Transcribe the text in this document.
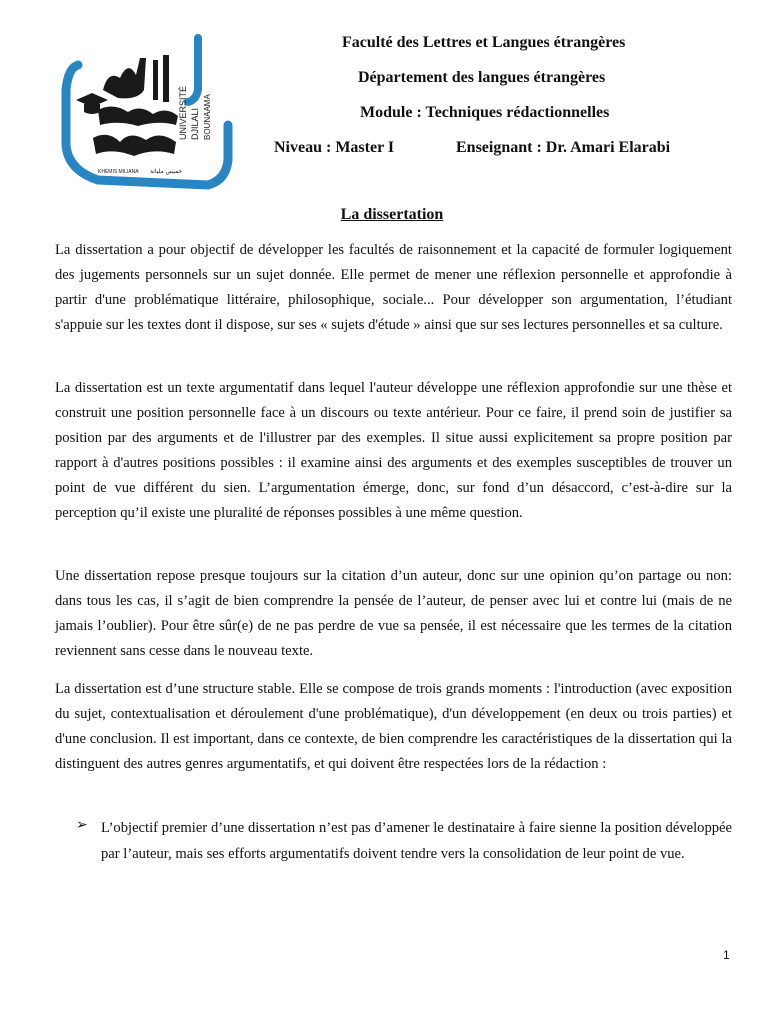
UNIVERSITÉ DJILALI BOUNAAMA
KHEMIS MILIANA خميس مليانة
Faculté des Lettres et Langues étrangères
Département des langues étrangères
Module : Techniques rédactionnelles
Niveau : Master I	Enseignant : Dr. Amari Elarabi
La dissertation

La dissertation a pour objectif de développer les facultés de raisonnement et la capacité de formuler logiquement des jugements personnels sur un sujet donnée. Elle permet de mener une réflexion personnelle et approfondie à partir d'une problématique littéraire, philosophique, sociale... Pour développer son argumentation, l’étudiant s'appuie sur les textes dont il dispose, sur ses « sujets d'étude » ainsi que sur ses lectures personnelles et sa culture.

La dissertation est un texte argumentatif dans lequel l'auteur développe une réflexion approfondie sur une thèse et construit une position personnelle face à un discours ou texte antérieur. Pour ce faire, il prend soin de justifier sa position par des arguments et de l'illustrer par des exemples. Il situe aussi explicitement sa propre position par rapport à d'autres positions possibles : il examine ainsi des arguments et des exemples susceptibles de trouver un point de vue différent du sien. L’argumentation émerge, donc, sur fond d’un désaccord, c’est-à-dire sur la perception qu’il existe une pluralité de réponses possibles à une même question.

Une dissertation repose presque toujours sur la citation d’un auteur, donc sur une opinion qu’on partage ou non: dans tous les cas, il s’agit de bien comprendre la pensée de l’auteur, de penser avec lui et contre lui (mais de ne jamais l’oublier). Pour être sûr(e) de ne pas perdre de vue sa pensée, il est nécessaire que les termes de la citation reviennent sans cesse dans le nouveau texte.

La dissertation est d’une structure stable. Elle se compose de trois grands moments : l'introduction (avec exposition du sujet, contextualisation et déroulement d'une problématique), d'un développement (en deux ou trois parties) et d'une conclusion. Il est important, dans ce contexte, de bien comprendre les caractéristiques de la dissertation qui la distinguent des autres genres argumentatifs, et qui doivent être respectées lors de la rédaction :

➢ L’objectif premier d’une dissertation n’est pas d’amener le destinataire à faire sienne la position développée par l’auteur, mais ses efforts argumentatifs doivent tendre vers la consolidation de leur point de vue.
1
